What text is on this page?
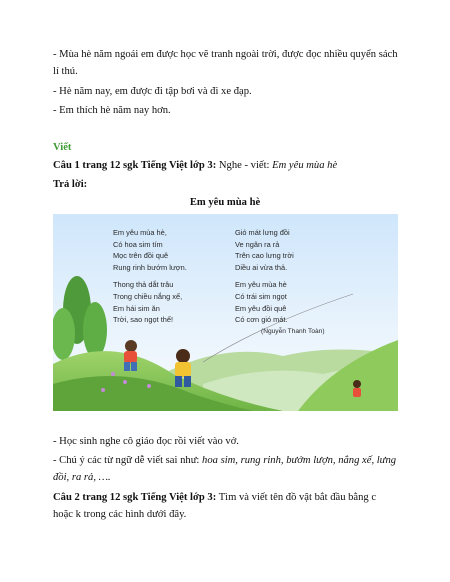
- Mùa hè năm ngoái em được học vẽ tranh ngoài trời, được đọc nhiều quyển sách lí thú.
- Hè năm nay, em được đi tập bơi và đi xe đạp.
- Em thích hè năm nay hơn.
Viết
Câu 1 trang 12 sgk Tiếng Việt lớp 3: Nghe - viết: Em yêu mùa hè
Trả lời:
Em yêu mùa hè
Em yêu mùa hè,
Có hoa sim tím
Mọc trên đồi quê
Rung rinh bướm lượn.
Thong thả dắt trâu
Trong chiều nắng xế,
Em hái sim ăn
Trời, sao ngọt thế!
Gió mát lưng đồi
Ve ngân ra rả
Trên cao lưng trời
Diều ai vừa thả.
Em yêu mùa hè
Có trái sim ngọt
Em yêu đồi quê
Có cơn gió mát.
(Nguyễn Thanh Toàn)
- Học sinh nghe cô giáo đọc rồi viết vào vở.
- Chú ý các từ ngữ dễ viết sai như: hoa sim, rung rinh, bướm lượn, nắng xế, lưng
đồi, ra rả, ….
Câu 2 trang 12 sgk Tiếng Việt lớp 3: Tìm và viết tên đồ vật bắt đầu bằng c hoặc k trong các hình dưới đây.
